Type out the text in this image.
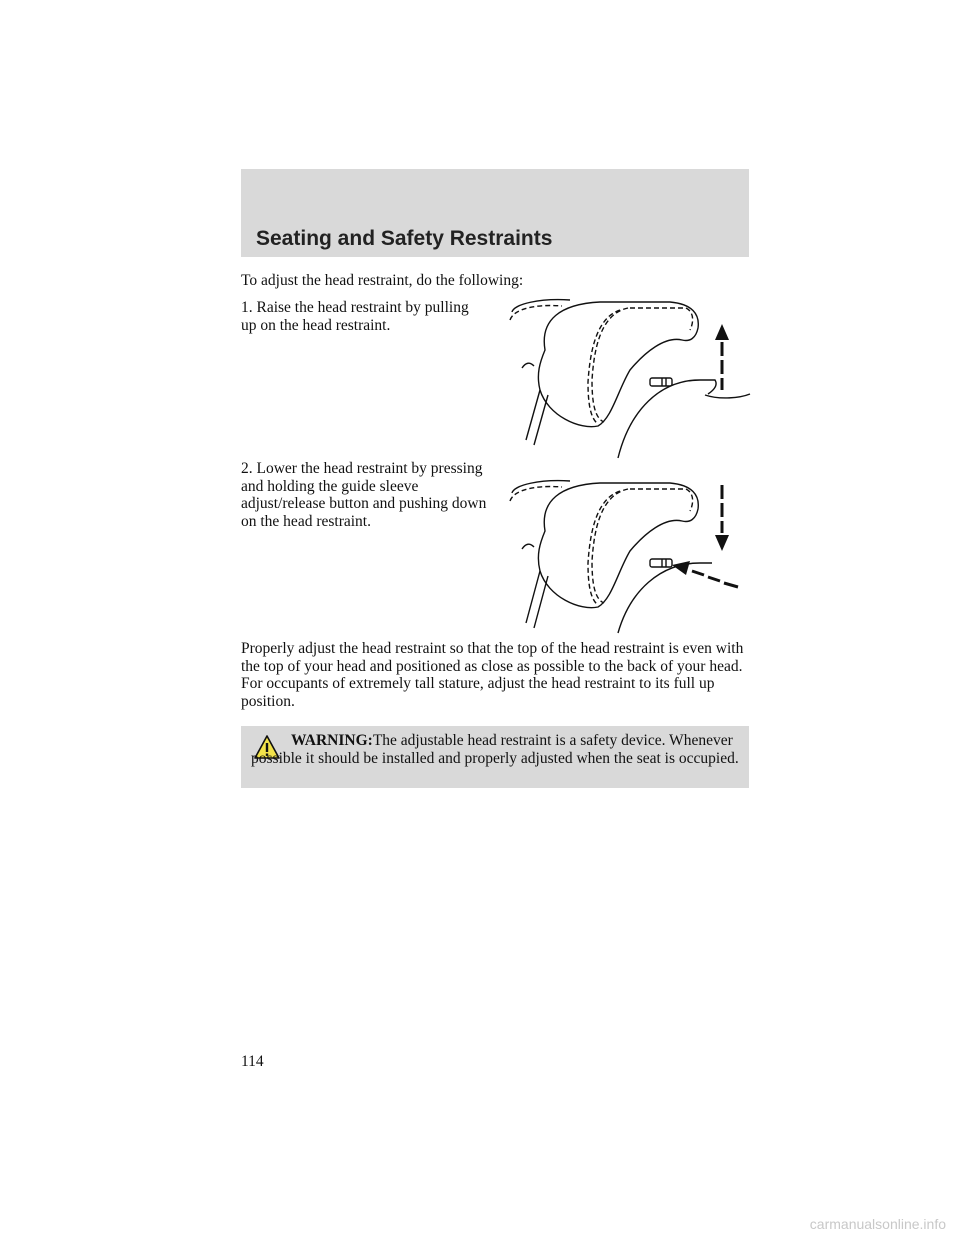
Seating and Safety Restraints

To adjust the head restraint, do the following:

1. Raise the head restraint by pulling up on the head restraint.

2. Lower the head restraint by pressing and holding the guide sleeve adjust/release button and pushing down on the head restraint.

Properly adjust the head restraint so that the top of the head restraint is even with the top of your head and positioned as close as possible to the back of your head. For occupants of extremely tall stature, adjust the head restraint to its full up position.

WARNING:The adjustable head restraint is a safety device. Whenever possible it should be installed and properly adjusted when the seat is occupied.

114
carmanualsonline.info
